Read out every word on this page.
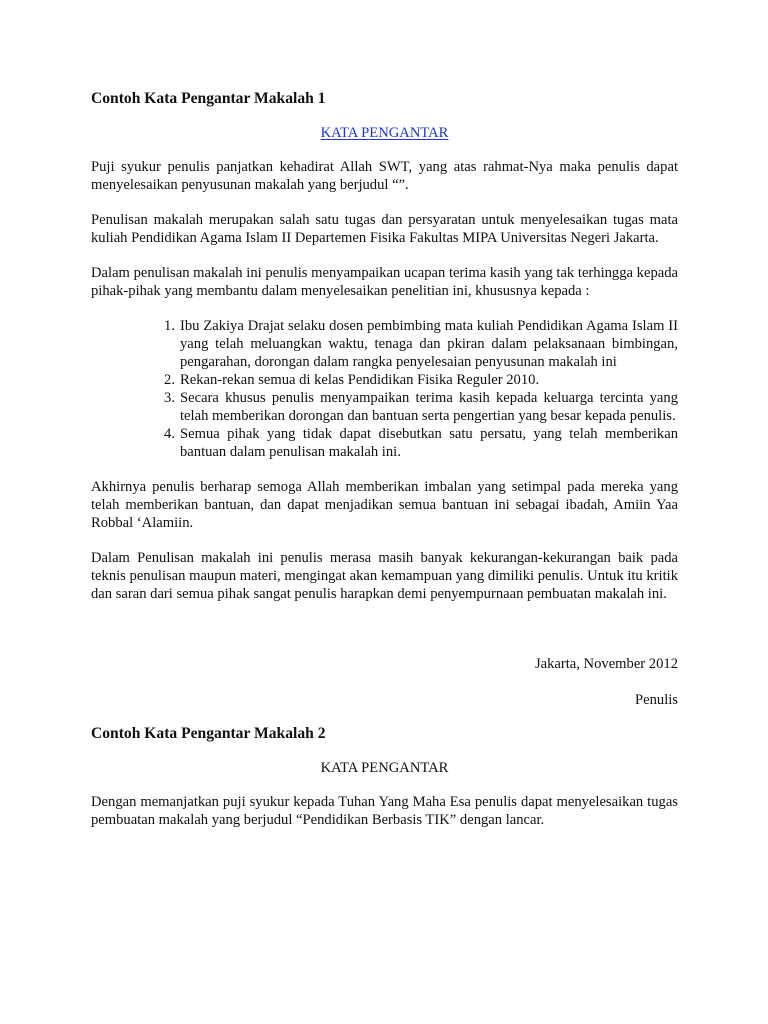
Contoh Kata Pengantar Makalah 1
KATA PENGANTAR

Puji syukur penulis panjatkan kehadirat Allah SWT, yang atas rahmat-Nya maka penulis dapat menyelesaikan penyusunan makalah yang berjudul “”.

Penulisan makalah merupakan salah satu tugas dan persyaratan untuk menyelesaikan tugas mata kuliah Pendidikan Agama Islam II Departemen Fisika Fakultas MIPA Universitas Negeri Jakarta.

Dalam penulisan makalah ini penulis menyampaikan ucapan terima kasih yang tak terhingga kepada pihak-pihak yang membantu dalam menyelesaikan penelitian ini, khususnya kepada :

1. Ibu Zakiya Drajat selaku dosen pembimbing mata kuliah Pendidikan Agama Islam II yang telah meluangkan waktu, tenaga dan pkiran dalam pelaksanaan bimbingan, pengarahan, dorongan dalam rangka penyelesaian penyusunan makalah ini
2. Rekan-rekan semua di kelas Pendidikan Fisika Reguler 2010.
3. Secara khusus penulis menyampaikan terima kasih kepada keluarga tercinta yang telah memberikan dorongan dan bantuan serta pengertian yang besar kepada penulis.
4. Semua pihak yang tidak dapat disebutkan satu persatu, yang telah memberikan bantuan dalam penulisan makalah ini.

Akhirnya penulis berharap semoga Allah memberikan imbalan yang setimpal pada mereka yang telah memberikan bantuan, dan dapat menjadikan semua bantuan ini sebagai ibadah, Amiin Yaa Robbal ‘Alamiin.

Dalam Penulisan makalah ini penulis merasa masih banyak kekurangan-kekurangan baik pada teknis penulisan maupun materi, mengingat akan kemampuan yang dimiliki penulis. Untuk itu kritik dan saran dari semua pihak sangat penulis harapkan demi penyempurnaan pembuatan makalah ini.

Jakarta, November 2012

Penulis

Contoh Kata Pengantar Makalah 2
KATA PENGANTAR

Dengan memanjatkan puji syukur kepada Tuhan Yang Maha Esa penulis dapat menyelesaikan tugas pembuatan makalah yang berjudul “Pendidikan Berbasis TIK” dengan lancar.
